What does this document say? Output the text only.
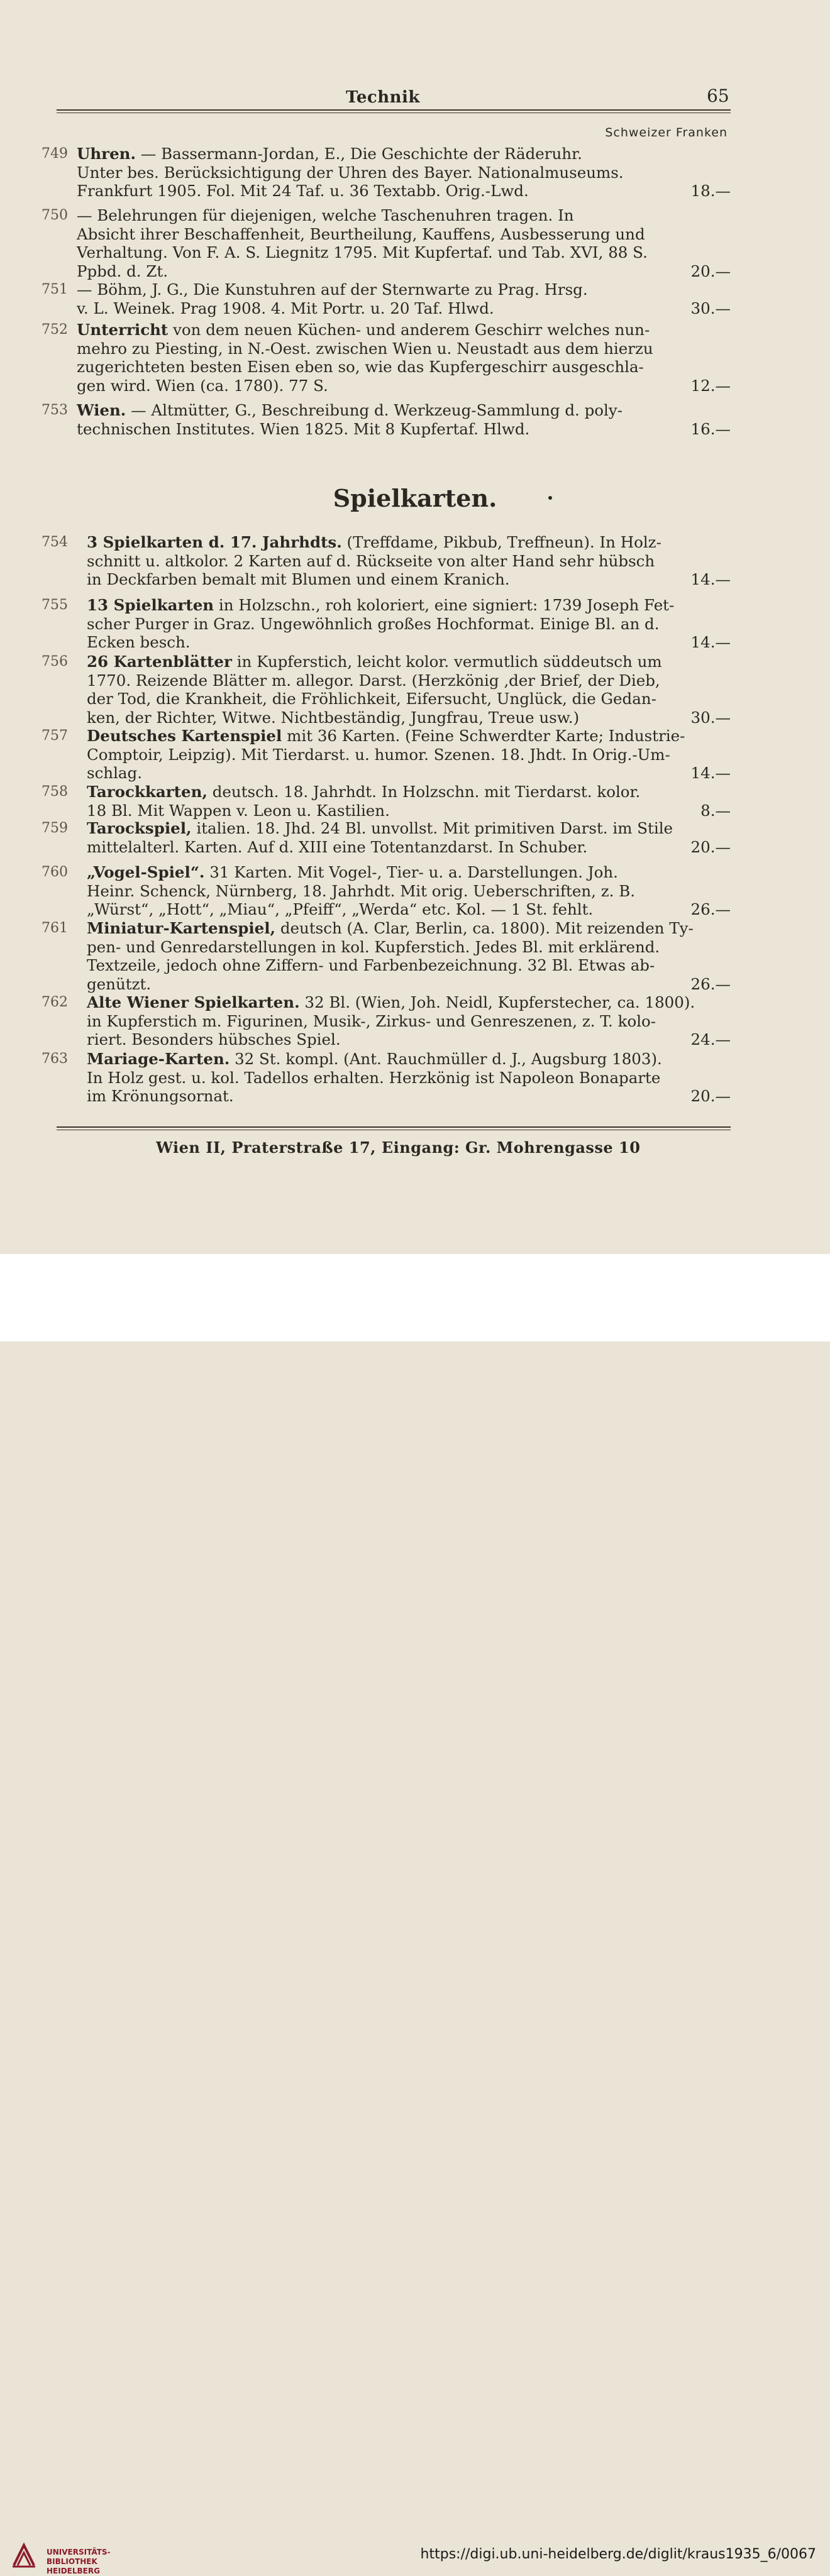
Technik	65
Schweizer Franken
749 Uhren. — Bassermann-Jordan, E., Die Geschichte der Räderuhr.
Unter bes. Berücksichtigung der Uhren des Bayer. Nationalmuseums.
Frankfurt 1905. Fol. Mit 24 Taf. u. 36 Textabb. Orig.-Lwd.	18.—
750 — Belehrungen für diejenigen, welche Taschenuhren tragen. In
Absicht ihrer Beschaffenheit, Beurtheilung, Kauffens, Ausbesserung und
Verhaltung. Von F. A. S. Liegnitz 1795. Mit Kupfertaf. und Tab. XVI, 88 S.
Ppbd. d. Zt.	20.—
751 — Böhm, J. G., Die Kunstuhren auf der Sternwarte zu Prag. Hrsg.
v. L. Weinek. Prag 1908. 4. Mit Portr. u. 20 Taf. Hlwd.	30.—
752 Unterricht von dem neuen Küchen- und anderem Geschirr welches nun-
mehro zu Piesting, in N.-Oest. zwischen Wien u. Neustadt aus dem hierzu
zugerichteten besten Eisen eben so, wie das Kupfergeschirr ausgeschla-
gen wird. Wien (ca. 1780). 77 S.	12.—
753 Wien. — Altmütter, G., Beschreibung d. Werkzeug-Sammlung d. poly-
technischen Institutes. Wien 1825. Mit 8 Kupfertaf. Hlwd.	16.—
Spielkarten.
754	3 Spielkarten d. 17. Jahrhdts. (Treffdame, Pikbub, Treffneun). In Holz-
schnitt u. altkolor. 2 Karten auf d. Rückseite von alter Hand sehr hübsch
in Deckfarben bemalt mit Blumen und einem Kranich.	14.—
755	13 Spielkarten in Holzschn., roh koloriert, eine signiert: 1739 Joseph Fet-
scher Purger in Graz. Ungewöhnlich großes Hochformat. Einige Bl. an d.
Ecken besch.	14.—
756	26 Kartenblätter in Kupferstich, leicht kolor. vermutlich süddeutsch um
1770. Reizende Blätter m. allegor. Darst. (Herzkönig ‚der Brief, der Dieb,
der Tod, die Krankheit, die Fröhlichkeit, Eifersucht, Unglück, die Gedan-
ken, der Richter, Witwe. Nichtbeständig, Jungfrau, Treue usw.)	30.—
757	Deutsches Kartenspiel mit 36 Karten. (Feine Schwerdter Karte; Industrie-
Comptoir, Leipzig). Mit Tierdarst. u. humor. Szenen. 18. Jhdt. In Orig.-Um-
schlag.	14.—
758	Tarockkarten, deutsch. 18. Jahrhdt. In Holzschn. mit Tierdarst. kolor.
18 Bl. Mit Wappen v. Leon u. Kastilien.	8.—
759	Tarockspiel, italien. 18. Jhd. 24 Bl. unvollst. Mit primitiven Darst. im Stile
mittelalterl. Karten. Auf d. XIII eine Totentanzdarst. In Schuber.	20.—
760	„Vogel-Spiel“. 31 Karten. Mit Vogel-, Tier- u. a. Darstellungen. Joh.
Heinr. Schenck, Nürnberg, 18. Jahrhdt. Mit orig. Ueberschriften, z. B.
„Würst“, „Hott“, „Miau“, „Pfeiff“, „Werda“ etc. Kol. — 1 St. fehlt.	26.—
761	Miniatur-Kartenspiel, deutsch (A. Clar, Berlin, ca. 1800). Mit reizenden Ty-
pen- und Genredarstellungen in kol. Kupferstich. Jedes Bl. mit erklärend.
Textzeile, jedoch ohne Ziffern- und Farbenbezeichnung. 32 Bl. Etwas ab-
genützt.	26.—
762	Alte Wiener Spielkarten. 32 Bl. (Wien, Joh. Neidl, Kupferstecher, ca. 1800).
in Kupferstich m. Figurinen, Musik-, Zirkus- und Genreszenen, z. T. kolo-
riert. Besonders hübsches Spiel.	24.—
763	Mariage-Karten. 32 St. kompl. (Ant. Rauchmüller d. J., Augsburg 1803).
In Holz gest. u. kol. Tadellos erhalten. Herzkönig ist Napoleon Bonaparte
im Krönungsornat.	20.—
Wien II, Praterstraße 17, Eingang: Gr. Mohrengasse 10
UNIVERSITÄTS-
BIBLIOTHEK
HEIDELBERG
https://digi.ub.uni-heidelberg.de/diglit/kraus1935_6/0067
